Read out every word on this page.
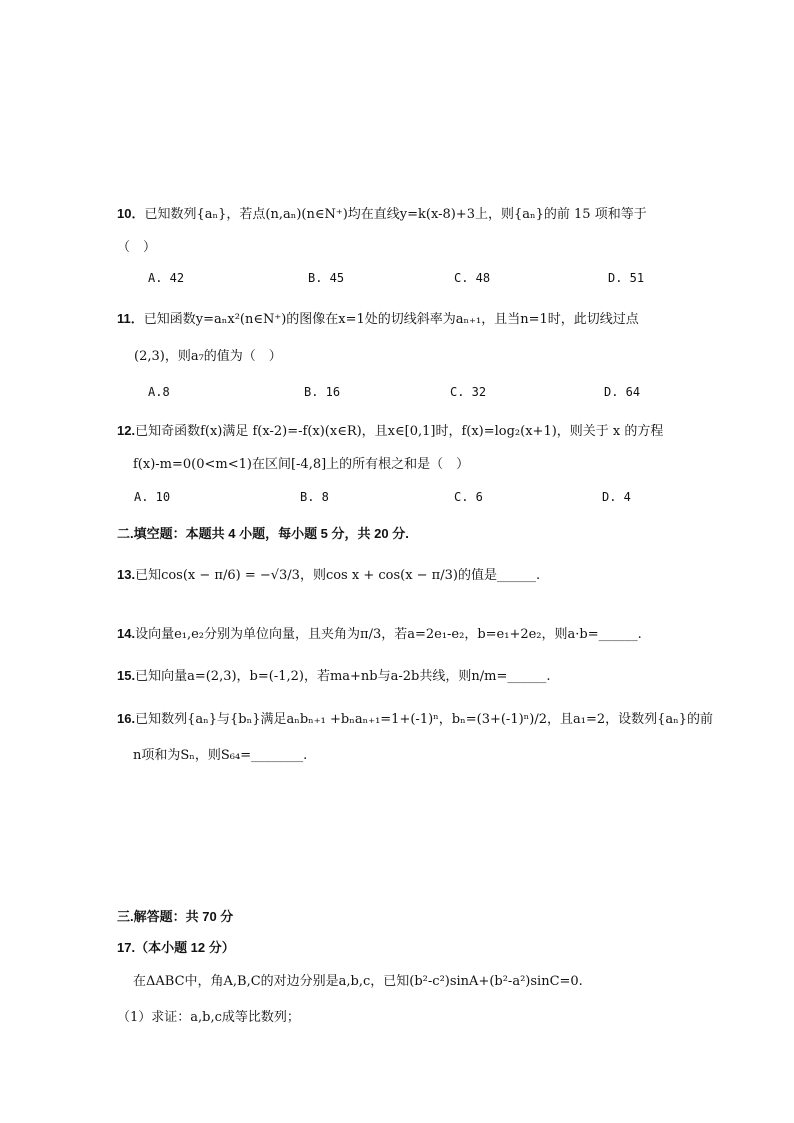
10．已知数列{aₙ}，若点(n,aₙ)(n∈N⁺)均在直线y=k(x-8)+3上，则{aₙ}的前 15 项和等于
（　）
A. 42	B. 45	C. 48	D. 51
11．已知函数y=aₙx²(n∈N⁺)的图像在x=1处的切线斜率为aₙ₊₁，且当n=1时，此切线过点
(2,3)，则a₇的值为（　）
A.8	B. 16	C. 32	D. 64
12.已知奇函数f(x)满足 f(x-2)=-f(x)(x∈R)，且x∈[0,1]时，f(x)=log₂(x+1)，则关于 x 的方程
f(x)-m=0(0<m<1)在区间[-4,8]上的所有根之和是（　）
A. 10	B. 8	C. 6	D. 4
二.填空题：本题共 4 小题，每小题 5 分，共 20 分.
13.已知cos(x − π/6) = −√3/3，则cos x + cos(x − π/3)的值是______.
14.设向量e₁,e₂分别为单位向量，且夹角为π/3，若a=2e₁-e₂，b=e₁+2e₂，则a·b=______.
15.已知向量a=(2,3)，b=(-1,2)，若ma+nb与a-2b共线，则n/m=______.
16.已知数列{aₙ}与{bₙ}满足aₙbₙ₊₁ +bₙaₙ₊₁=1+(-1)ⁿ，bₙ=(3+(-1)ⁿ)/2，且a₁=2，设数列{aₙ}的前
n项和为Sₙ，则S₆₄=________.
三.解答题：共 70 分
17.（本小题 12 分）
在ΔABC中，角A,B,C的对边分别是a,b,c，已知(b²-c²)sinA+(b²-a²)sinC=0.
（1）求证：a,b,c成等比数列；
